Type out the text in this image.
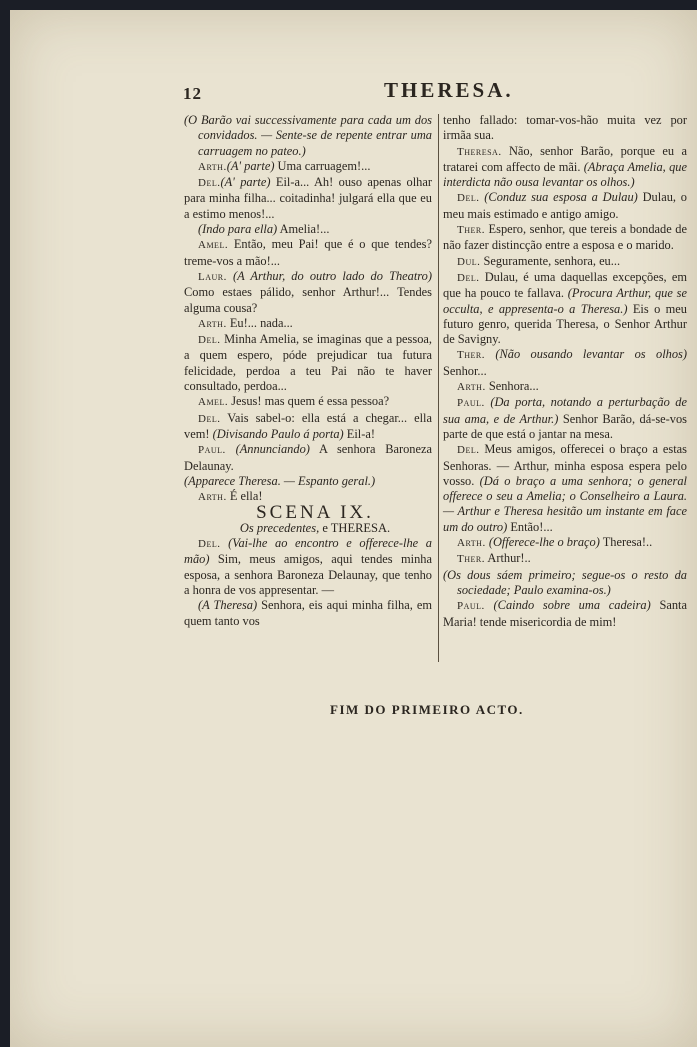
12	THERESA.

(O Barão vai successivamente para cada um dos convidados. — Sente-se de repente entrar uma carruagem no pateo.)

Arth.(A' parte) Uma carruagem!...

Del.(A' parte) Eil-a... Ah! ouso apenas olhar para minha filha... coitadinha! julgará ella que eu a estimo menos!...

(Indo para ella) Amelia!...

Amel. Então, meu Pai! que é o que tendes? treme-vos a mão!...

Laur. (A Arthur, do outro lado do Theatro) Como estaes pálido, senhor Arthur!... Tendes alguma cousa?

Arth. Eu!... nada...

Del. Minha Amelia, se imaginas que a pessoa, a quem espero, póde prejudicar tua futura felicidade, perdoa a teu Pai não te haver consultado, perdoa...

Amel. Jesus! mas quem é essa pessoa?

Del. Vais sabel-o: ella está a chegar... ella vem! (Divisando Paulo á porta) Eil-a!

Paul. (Annunciando) A senhora Baroneza Delaunay.

(Apparece Theresa. — Espanto geral.)

Arth. É ella!

SCENA IX.

Os precedentes, e THERESA.

Del. (Vai-lhe ao encontro e offerece-lhe a mão) Sim, meus amigos, aqui tendes minha esposa, a senhora Baroneza Delaunay, que tenho a honra de vos appresentar. —

(A Theresa) Senhora, eis aqui minha filha, em quem tanto vos

tenho fallado: tomar-vos-hão muita vez por irmãa sua.

Theresa. Não, senhor Barão, porque eu a tratarei com affecto de mãi. (Abraça Amelia, que interdicta não ousa levantar os olhos.)

Del. (Conduz sua esposa a Dulau) Dulau, o meu mais estimado e antigo amigo.

Ther. Espero, senhor, que tereis a bondade de não fazer distincção entre a esposa e o marido.

Dul. Seguramente, senhora, eu...

Del. Dulau, é uma daquellas excepções, em que ha pouco te fallava. (Procura Arthur, que se occulta, e appresenta-o a Theresa.) Eis o meu futuro genro, querida Theresa, o Senhor Arthur de Savigny.

Ther. (Não ousando levantar os olhos) Senhor...

Arth. Senhora...

Paul. (Da porta, notando a perturbação de sua ama, e de Arthur.) Senhor Barão, dá-se-vos parte de que está o jantar na mesa.

Del. Meus amigos, offerecei o braço a estas Senhoras. — Arthur, minha esposa espera pelo vosso. (Dá o braço a uma senhora; o general offerece o seu a Amelia; o Conselheiro a Laura. — Arthur e Theresa hesitão um instante em face um do outro) Então!...

Arth. (Offerece-lhe o braço) Theresa!..

Ther. Arthur!..

(Os dous sáem primeiro; segue-os o resto da sociedade; Paulo examina-os.)

Paul. (Caindo sobre uma cadeira) Santa Maria! tende misericordia de mim!

FIM DO PRIMEIRO ACTO.
